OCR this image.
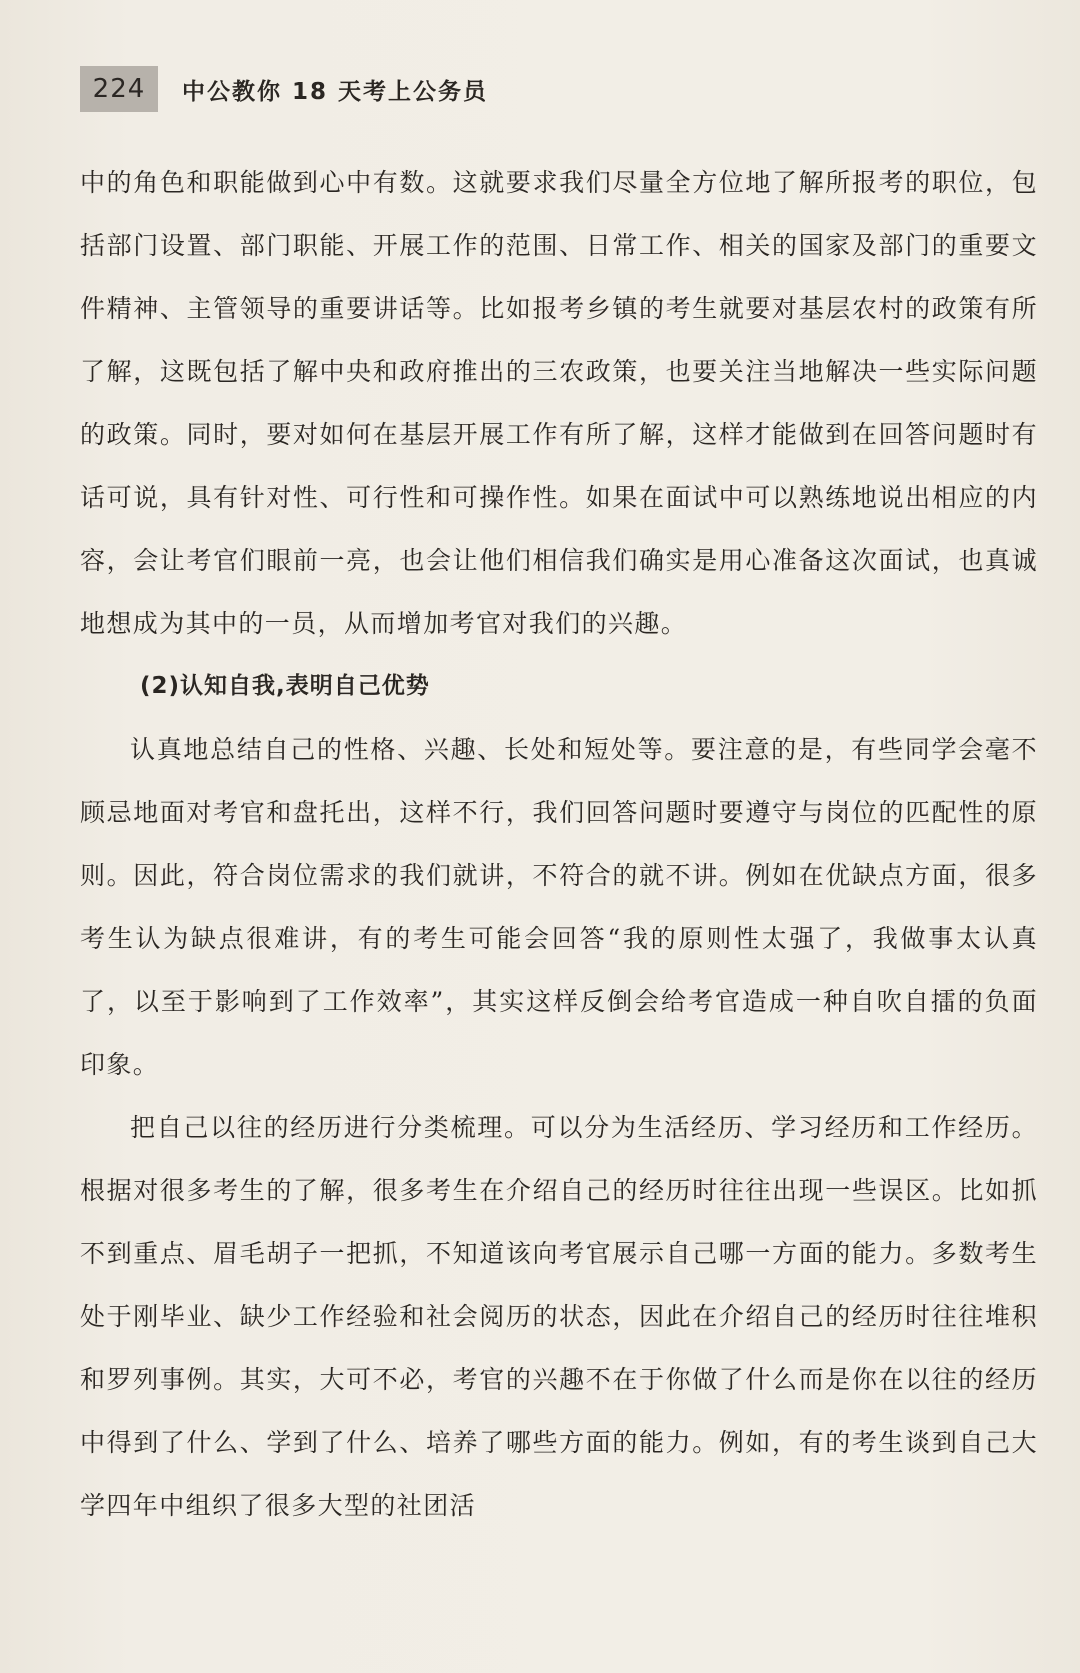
224	中公教你 18 天考上公务员

中的角色和职能做到心中有数。这就要求我们尽量全方位地了解所报考的职位，包括部门设置、部门职能、开展工作的范围、日常工作、相关的国家及部门的重要文件精神、主管领导的重要讲话等。比如报考乡镇的考生就要对基层农村的政策有所了解，这既包括了解中央和政府推出的三农政策，也要关注当地解决一些实际问题的政策。同时，要对如何在基层开展工作有所了解，这样才能做到在回答问题时有话可说，具有针对性、可行性和可操作性。如果在面试中可以熟练地说出相应的内容，会让考官们眼前一亮，也会让他们相信我们确实是用心准备这次面试，也真诚地想成为其中的一员，从而增加考官对我们的兴趣。

(2)认知自我,表明自己优势

认真地总结自己的性格、兴趣、长处和短处等。要注意的是，有些同学会毫不顾忌地面对考官和盘托出，这样不行，我们回答问题时要遵守与岗位的匹配性的原则。因此，符合岗位需求的我们就讲，不符合的就不讲。例如在优缺点方面，很多考生认为缺点很难讲，有的考生可能会回答“我的原则性太强了，我做事太认真了，以至于影响到了工作效率”，其实这样反倒会给考官造成一种自吹自擂的负面印象。

把自己以往的经历进行分类梳理。可以分为生活经历、学习经历和工作经历。根据对很多考生的了解，很多考生在介绍自己的经历时往往出现一些误区。比如抓不到重点、眉毛胡子一把抓，不知道该向考官展示自己哪一方面的能力。多数考生处于刚毕业、缺少工作经验和社会阅历的状态，因此在介绍自己的经历时往往堆积和罗列事例。其实，大可不必，考官的兴趣不在于你做了什么而是你在以往的经历中得到了什么、学到了什么、培养了哪些方面的能力。例如，有的考生谈到自己大学四年中组织了很多大型的社团活
